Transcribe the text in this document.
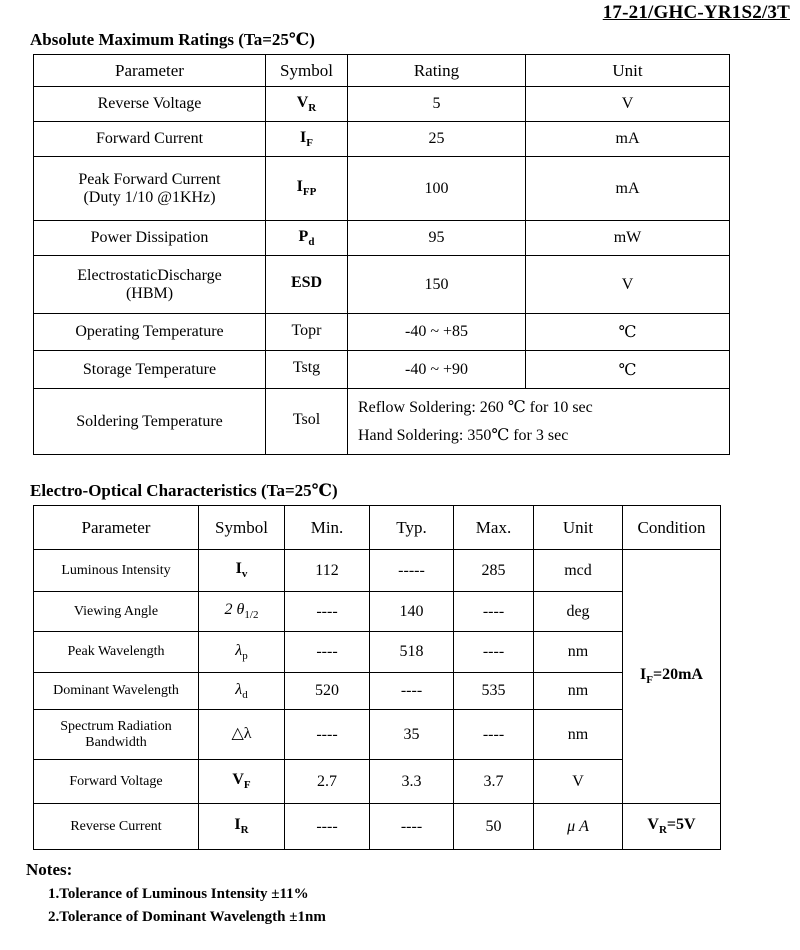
17-21/GHC-YR1S2/3T
Absolute Maximum Ratings (Ta=25℃)
Parameter	Symbol	Rating	Unit
Reverse Voltage	$V_R$	5	V
Forward Current	$I_F$	25	mA

Peak Forward Current
(Duty 1/10 @1KHz)	$I_{FP}$	100	mA
Power Dissipation	$P_d$	95	mW

ElectrostaticDischarge
(HBM)	ESD	150	V
Operating Temperature	Topr	-40 ~ +85	℃
Storage Temperature	Tstg	-40 ~ +90	℃
Soldering Temperature	Tsol	Reflow Soldering: 260 ℃ for 10 sec
Hand Soldering: 350℃ for 3 sec	
Electro-Optical Characteristics (Ta=25℃)
Parameter	Symbol	Min.	Typ.	Max.	Unit	Condition
Luminous Intensity	$I_v$	112	-----	285	mcd	$I_F=20mA$
Viewing Angle	2 $\theta_{1/2}$	----	140	----	deg	
Peak Wavelength	$\lambda_p$	----	518	----	nm	
Dominant Wavelength	$\lambda_d$	520	----	535	nm	

Spectrum Radiation
Bandwidth	△λ	----	35	----	nm	
Forward Voltage	$V_F$	2.7	3.3	3.7	V	
Reverse Current	$I_R$	----	----	50	μ A	$V_R=5V$
Notes:
1.Tolerance of Luminous Intensity ±11%
2.Tolerance of Dominant Wavelength ±1nm
